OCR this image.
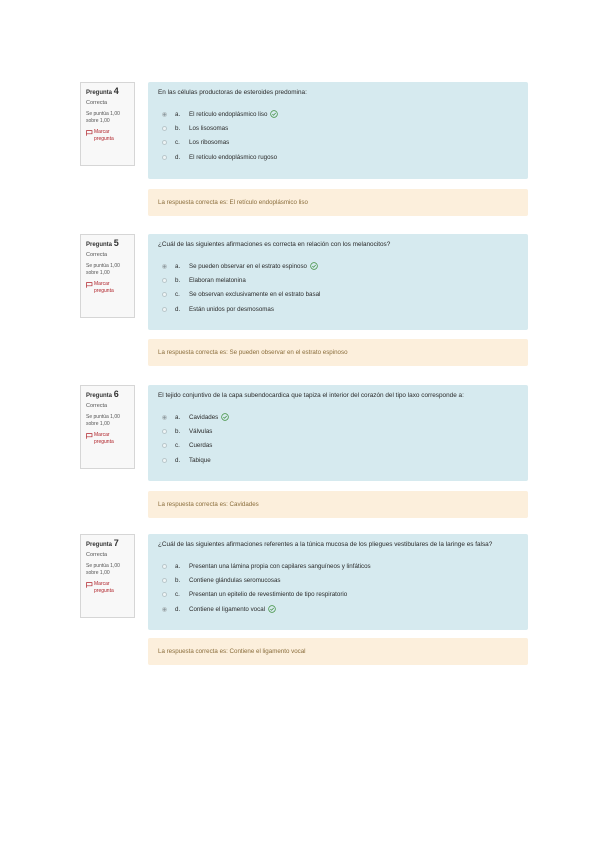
Pregunta 4
Correcta
Se puntúa 1,00
sobre 1,00
Marcar
pregunta
En las células productoras de esteroides predomina:
a.	El retículo endoplásmico liso
b.	Los lisosomas
c.	Los ribosomas
d.	El retículo endoplásmico rugoso
La respuesta correcta es: El retículo endoplásmico liso
Pregunta 5
Correcta
Se puntúa 1,00
sobre 1,00
Marcar
pregunta
¿Cuál de las siguientes afirmaciones es correcta en relación con los melanocitos?
a.	Se pueden observar en el estrato espinoso
b.	Elaboran melatonina
c.	Se observan exclusivamente en el estrato basal
d.	Están unidos por desmosomas
La respuesta correcta es: Se pueden observar en el estrato espinoso
Pregunta 6
Correcta
Se puntúa 1,00
sobre 1,00
Marcar
pregunta
El tejido conjuntivo de la capa subendocardica que tapiza el interior del corazón del tipo laxo corresponde a:
a.	Cavidades
b.	Válvulas
c.	Cuerdas
d.	Tabique
La respuesta correcta es: Cavidades
Pregunta 7
Correcta
Se puntúa 1,00
sobre 1,00
Marcar
pregunta
¿Cuál de las siguientes afirmaciones referentes a la túnica mucosa de los pliegues vestibulares de la laringe es falsa?
a.	Presentan una lámina propia con capilares sanguíneos y linfáticos
b.	Contiene glándulas seromucosas
c.	Presentan un epitelio de revestimiento de tipo respiratorio
d.	Contiene el ligamento vocal
La respuesta correcta es: Contiene el ligamento vocal
